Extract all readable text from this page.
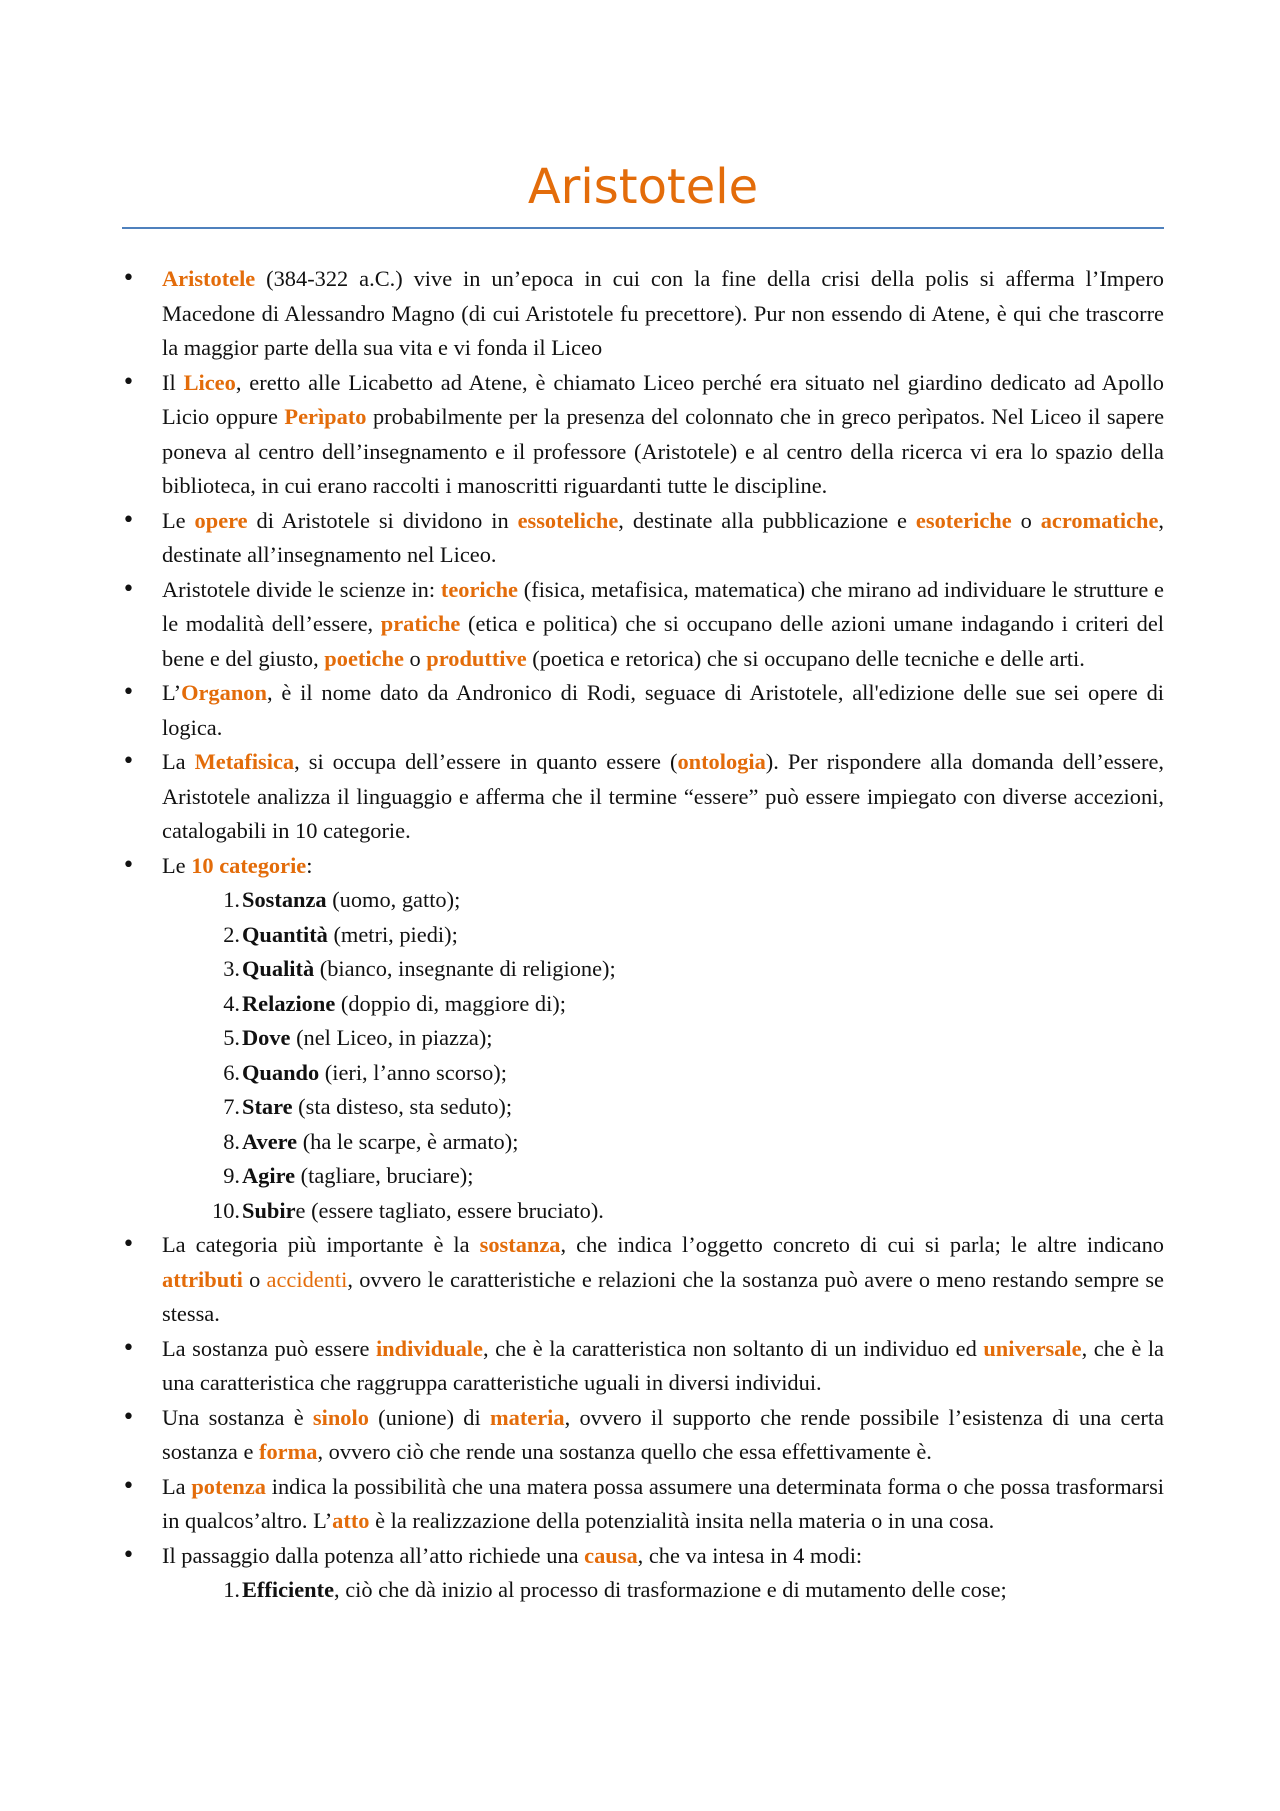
Aristotele
• Aristotele (384-322 a.C.) vive in un’epoca in cui con la fine della crisi della polis si afferma l’Impero Macedone di Alessandro Magno (di cui Aristotele fu precettore). Pur non essendo di Atene, è qui che trascorre la maggior parte della sua vita e vi fonda il Liceo
• Il Liceo, eretto alle Licabetto ad Atene, è chiamato Liceo perché era situato nel giardino dedicato ad Apollo Licio oppure Perìpato probabilmente per la presenza del colonnato che in greco perìpatos. Nel Liceo il sapere poneva al centro dell’insegnamento e il professore (Aristotele) e al centro della ricerca vi era lo spazio della biblioteca, in cui erano raccolti i manoscritti riguardanti tutte le discipline.
• Le opere di Aristotele si dividono in essoteliche, destinate alla pubblicazione e esoteriche o acromatiche, destinate all’insegnamento nel Liceo.
• Aristotele divide le scienze in: teoriche (fisica, metafisica, matematica) che mirano ad individuare le strutture e le modalità dell’essere, pratiche (etica e politica) che si occupano delle azioni umane indagando i criteri del bene e del giusto, poetiche o produttive (poetica e retorica) che si occupano delle tecniche e delle arti.
• L’Organon, è il nome dato da Andronico di Rodi, seguace di Aristotele, all'edizione delle sue sei opere di logica.
• La Metafisica, si occupa dell’essere in quanto essere (ontologia). Per rispondere alla domanda dell’essere, Aristotele analizza il linguaggio e afferma che il termine “essere” può essere impiegato con diverse accezioni, catalogabili in 10 categorie.
• Le 10 categorie:
1. Sostanza (uomo, gatto);
2. Quantità (metri, piedi);
3. Qualità (bianco, insegnante di religione);
4. Relazione (doppio di, maggiore di);
5. Dove (nel Liceo, in piazza);
6. Quando (ieri, l’anno scorso);
7. Stare (sta disteso, sta seduto);
8. Avere (ha le scarpe, è armato);
9. Agire (tagliare, bruciare);
10. Subire (essere tagliato, essere bruciato).
• La categoria più importante è la sostanza, che indica l’oggetto concreto di cui si parla; le altre indicano attributi o accidenti, ovvero le caratteristiche e relazioni che la sostanza può avere o meno restando sempre se stessa.
• La sostanza può essere individuale, che è la caratteristica non soltanto di un individuo ed universale, che è la una caratteristica che raggruppa caratteristiche uguali in diversi individui.
• Una sostanza è sinolo (unione) di materia, ovvero il supporto che rende possibile l’esistenza di una certa sostanza e forma, ovvero ciò che rende una sostanza quello che essa effettivamente è.
• La potenza indica la possibilità che una matera possa assumere una determinata forma o che possa trasformarsi in qualcos’altro. L’atto è la realizzazione della potenzialità insita nella materia o in una cosa.
• Il passaggio dalla potenza all’atto richiede una causa, che va intesa in 4 modi:
1. Efficiente, ciò che dà inizio al processo di trasformazione e di mutamento delle cose;
